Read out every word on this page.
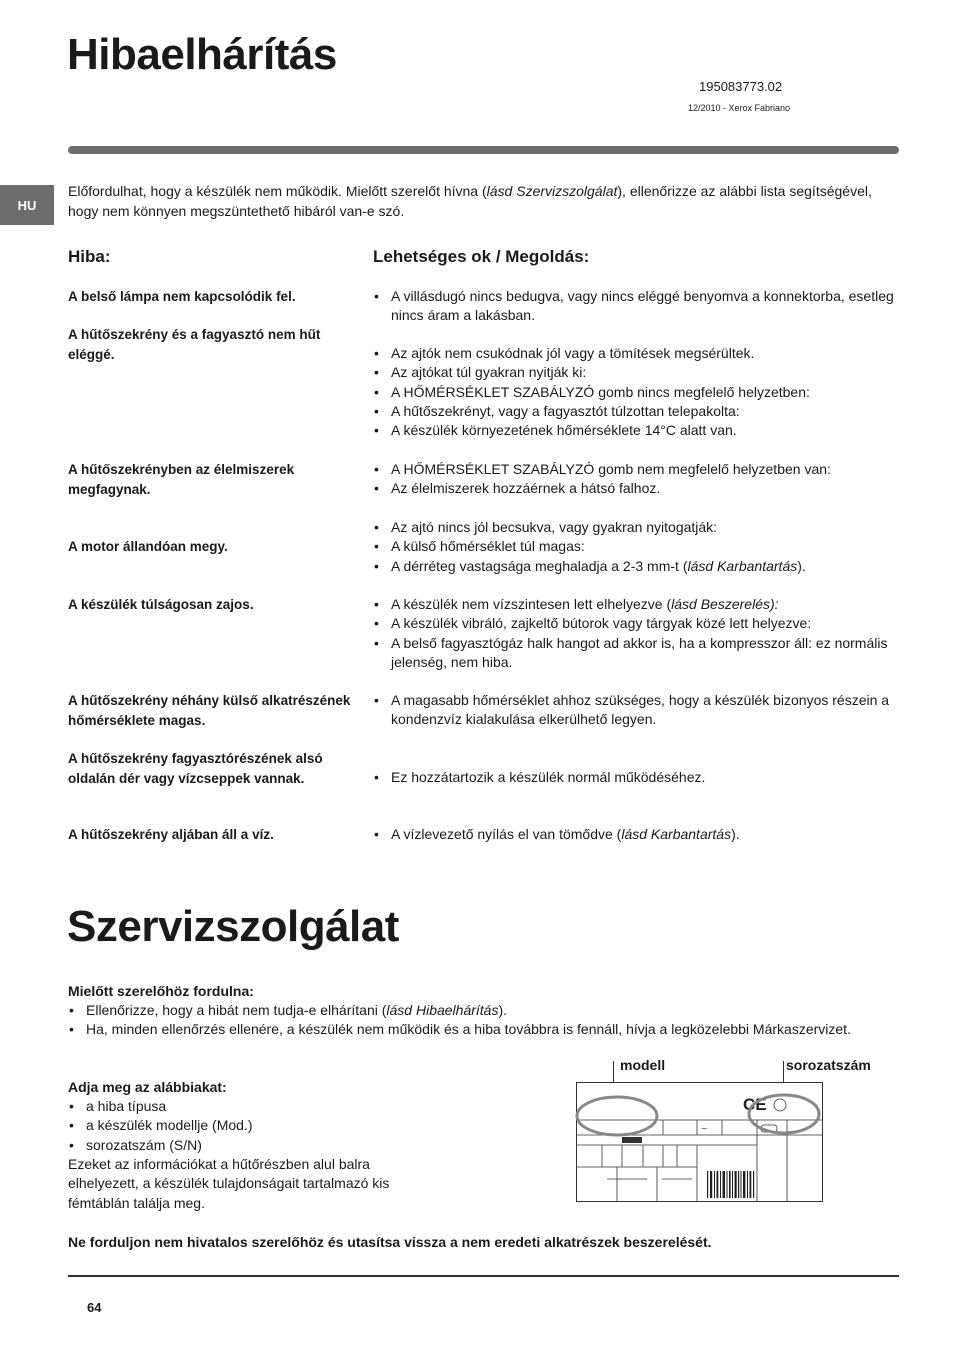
Hibaelhárítás
195083773.02
12/2010 - Xerox Fabriano
HU
Előfordulhat, hogy a készülék nem működik. Mielőtt szerelőt hívna (lásd Szervizszolgálat), ellenőrizze az alábbi lista segítségével, hogy nem könnyen megszüntethető hibáról van-e szó.
Hiba:	Lehetséges ok / Megoldás:
A belső lámpa nem kapcsolódik fel.
A hűtőszekrény és a fagyasztó nem hűt eléggé.
A hűtőszekrényben az élelmiszerek megfagynak.
A motor állandóan megy.
A készülék túlságosan zajos.
A hűtőszekrény néhány külső alkatrészének hőmérséklete magas.
A hűtőszekrény fagyasztórészének alsó oldalán dér vagy vízcseppek vannak.
A hűtőszekrény aljában áll a víz.
• A villásdugó nincs bedugva, vagy nincs eléggé benyomva a konnektorba, esetleg nincs áram a lakásban.
• Az ajtók nem csukódnak jól vagy a tömítések megsérültek.
• Az ajtókat túl gyakran nyitják ki:
• A HŐMÉRSÉKLET SZABÁLYZÓ gomb nincs megfelelő helyzetben:
• A hűtőszekrényt, vagy a fagyasztót túlzottan telepakolta:
• A készülék környezetének hőmérséklete 14°C alatt van.
• A HŐMÉRSÉKLET SZABÁLYZÓ gomb nem megfelelő helyzetben van:
• Az élelmiszerek hozzáérnek a hátsó falhoz.
• Az ajtó nincs jól becsukva, vagy gyakran nyitogatják:
• A külső hőmérséklet túl magas:
• A dérréteg vastagsága meghaladja a 2-3 mm-t (lásd Karbantartás).
• A készülék nem vízszintesen lett elhelyezve (lásd Beszerelés):
• A készülék vibráló, zajkeltő bútorok vagy tárgyak közé lett helyezve:
• A belső fagyasztógáz halk hangot ad akkor is, ha a kompresszor áll: ez normális jelenség, nem hiba.
• A magasabb hőmérséklet ahhoz szükséges, hogy a készülék bizonyos részein a kondenzvíz kialakulása elkerülhető legyen.
• Ez hozzátartozik a készülék normál működéséhez.
• A vízlevezető nyílás el van tömődve (lásd Karbantartás).
Szervizszolgálat
Mielőtt szerelőhöz fordulna:
• Ellenőrizze, hogy a hibát nem tudja-e elhárítani (lásd Hibaelhárítás).
• Ha, minden ellenőrzés ellenére, a készülék nem működik és a hiba továbbra is fennáll, hívja a legközelebbi Márkaszervizet.
Adja meg az alábbiakat:
• a hiba típusa
• a készülék modellje (Mod.)
• sorozatszám (S/N)
Ezeket az információkat a hűtőrészben alul balra elhelyezett, a készülék tulajdonságait tartalmazó kis fémtáblán találja meg.
modell	sorozatszám
~
CE
Ne forduljon nem hivatalos szerelőhöz és utasítsa vissza a nem eredeti alkatrészek beszerelését.
64
